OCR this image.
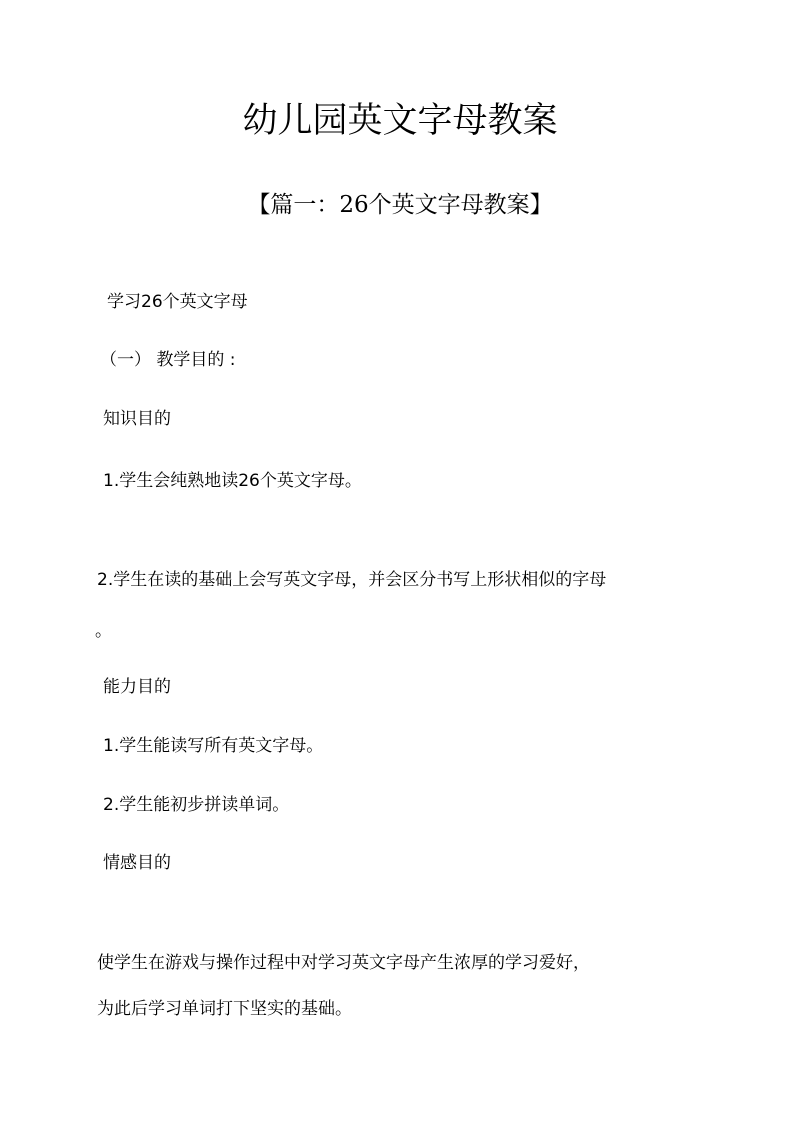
幼儿园英文字母教案
【篇一：26个英文字母教案】
学习26个英文字母
（一） 教学目的 :
知识目的
1.学生会纯熟地读26个英文字母。
2.学生在读的基础上会写英文字母，并会区分书写上形状相似的字母
。
能力目的
1.学生能读写所有英文字母。
2.学生能初步拼读单词。
情感目的
使学生在游戏与操作过程中对学习英文字母产生浓厚的学习爱好，
为此后学习单词打下坚实的基础。
